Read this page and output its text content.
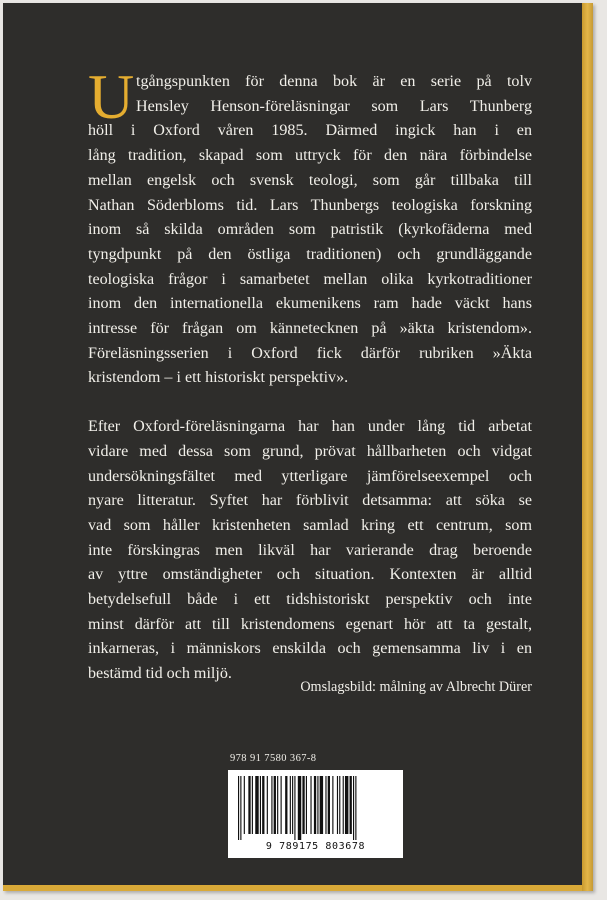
U tgångspunkten för denna bok är en serie på tolv
Hensley Henson-föreläsningar som Lars Thunberg
höll i Oxford våren 1985. Därmed ingick han i en
lång tradition, skapad som uttryck för den nära förbindelse
mellan engelsk och svensk teologi, som går tillbaka till
Nathan Söderbloms tid. Lars Thunbergs teologiska forskning
inom så skilda områden som patristik (kyrkofäderna med
tyngdpunkt på den östliga traditionen) och grundläggande
teologiska frågor i samarbetet mellan olika kyrkotraditioner
inom den internationella ekumenikens ram hade väckt hans
intresse för frågan om kännetecknen på »äkta kristendom».
Föreläsningsserien i Oxford fick därför rubriken »Äkta
kristendom – i ett historiskt perspektiv».
Efter Oxford-föreläsningarna har han under lång tid arbetat
vidare med dessa som grund, prövat hållbarheten och vidgat
undersökningsfältet med ytterligare jämförelseexempel och
nyare litteratur. Syftet har förblivit detsamma: att söka se
vad som håller kristenheten samlad kring ett centrum, som
inte förskingras men likväl har varierande drag beroende
av yttre omständigheter och situation. Kontexten är alltid
betydelsefull både i ett tidshistoriskt perspektiv och inte
minst därför att till kristendomens egenart hör att ta gestalt,
inkarneras, i människors enskilda och gemensamma liv i en
bestämd tid och miljö.
Omslagsbild: målning av Albrecht Dürer
978 91 7580 367-8
9 789175 803678
